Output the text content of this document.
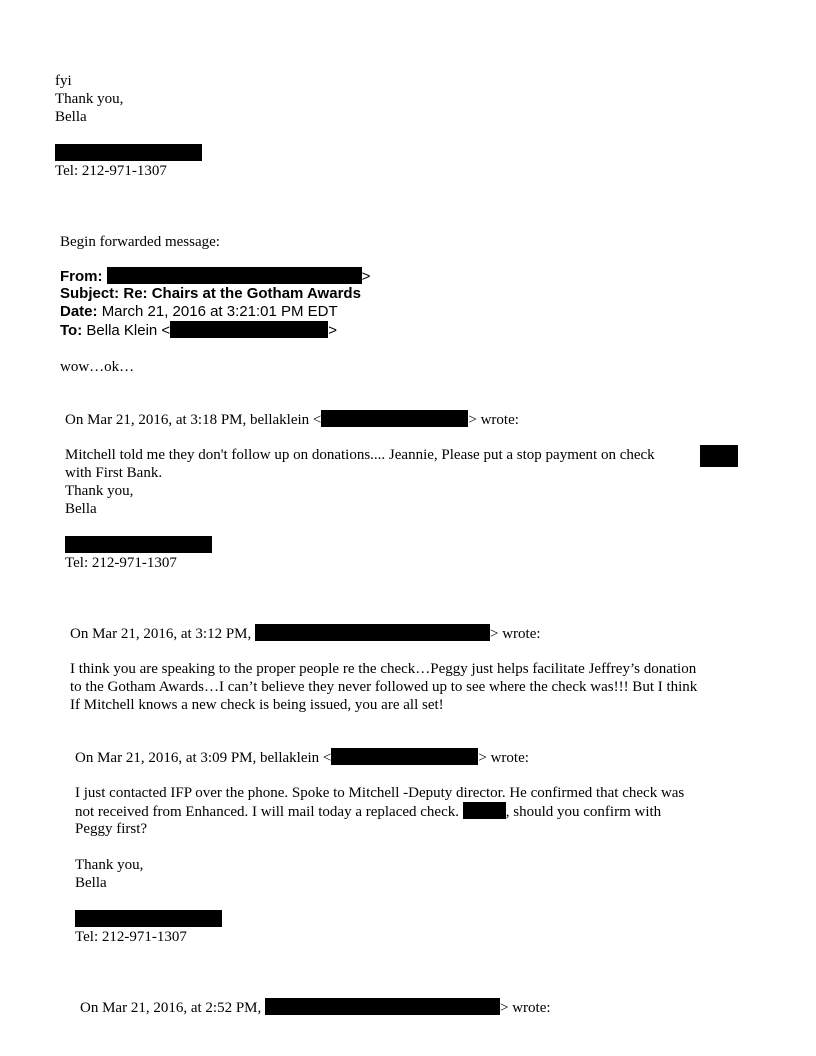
fyi
Thank you,
Bella
Tel: 212-971-1307
Begin forwarded message:
From:	>
Subject: Re: Chairs at the Gotham Awards
Date: March 21, 2016 at 3:21:01 PM EDT
To: Bella Klein <	>
wow…ok…
On Mar 21, 2016, at 3:18 PM, bellaklein <	> wrote:
Mitchell told me they don't follow up on donations.... Jeannie, Please put a stop payment on check
with First Bank.
Thank you,
Bella
Tel: 212-971-1307
On Mar 21, 2016, at 3:12 PM,	> wrote:
I think you are speaking to the proper people re the check…Peggy just helps facilitate Jeffrey’s donation
to the Gotham Awards…I can’t believe they never followed up to see where the check was!!! But I think
If Mitchell knows a new check is being issued, you are all set!
On Mar 21, 2016, at 3:09 PM, bellaklein <	> wrote:
I just contacted IFP over the phone. Spoke to Mitchell -Deputy director. He confirmed that check was
not received from Enhanced. I will mail today a replaced check.	, should you confirm with
Peggy first?
Thank you,
Bella
Tel: 212-971-1307
On Mar 21, 2016, at 2:52 PM,	> wrote:
